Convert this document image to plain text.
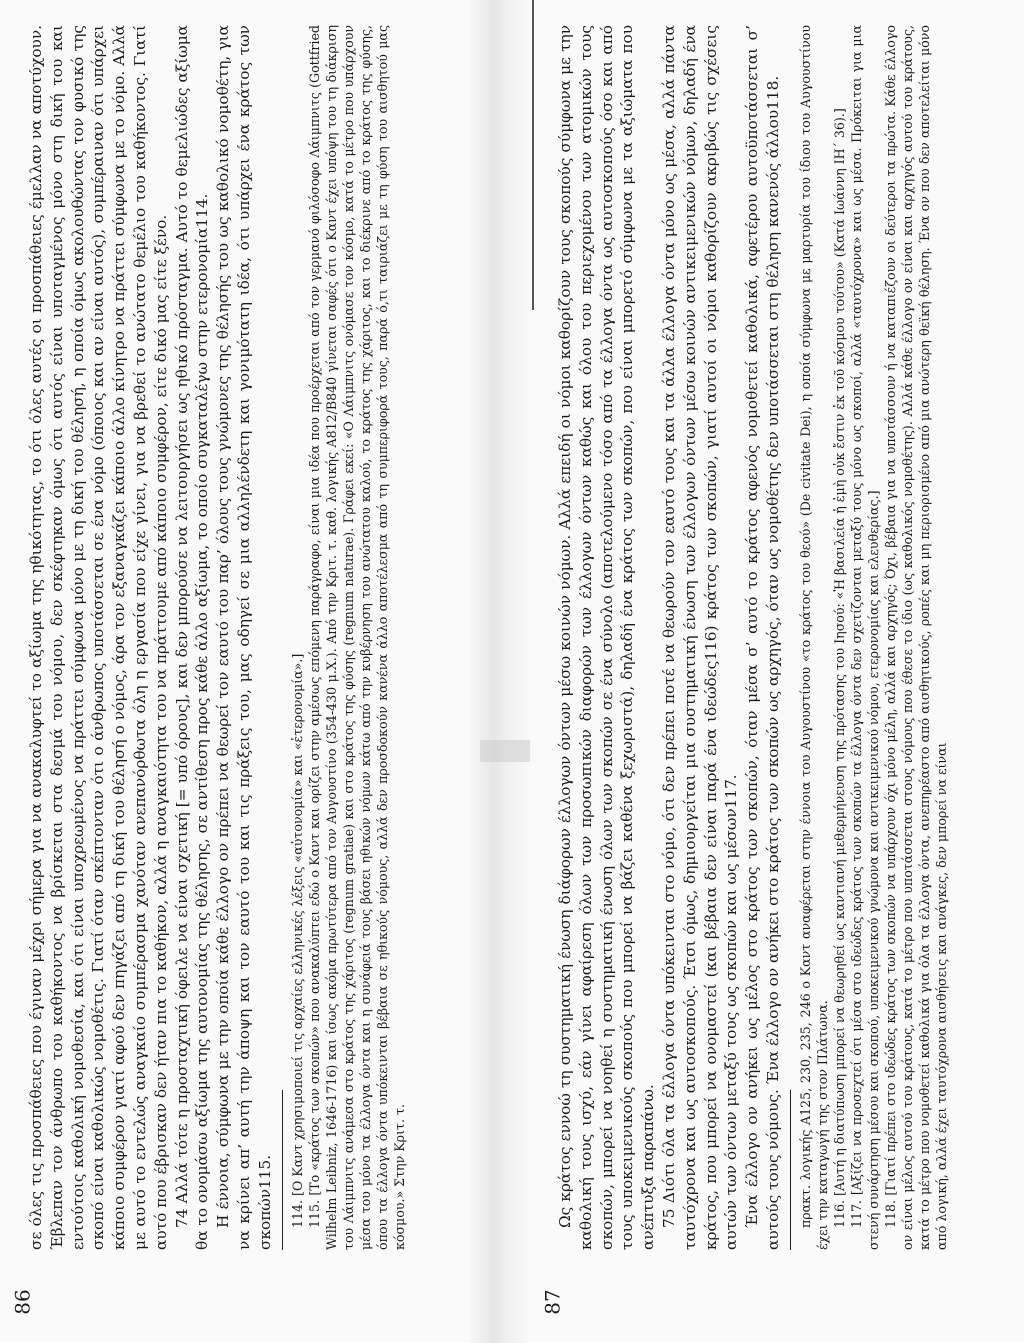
86

σε όλες τις προσπάθειες που έγιναν μέχρι σήμερα για να ανακαλυφτεί το αξίωμα της ηθικότητας, το ότι όλες αυτές οι προσπάθειες έμελλαν να αποτύχουν. Έβλεπαν τον άνθρωπο του καθήκοντος να βρίσκεται στα δεσμά του νόμου, δεν σκέφτηκαν όμως ότι αυτός είναι υποταγμένος μόνο στη δική του και εντούτοις καθολική νομοθεσία, και ότι είναι υποχρεωμένος να πράττει σύμφωνα μόνο με τη δική του θέλησή, η οποία όμως ακολουθώντας τον φυσικό της σκοπό είναι καθολικώς νομοθέτις. Γιατί όταν σκέπτονταν ότι ο άνθρωπος υποτάσσεται σε ένα νόμο (όποιος και αν είναι αυτός), συμπέραιναν ότι υπάρχει κάποιο συμφέρον γιατί αφού δεν πηγάζει από τη δική του θέλησή ο νόμος, άρα τον εξαναγκάζει κάποιο άλλο κίνητρο να πράττει σύμφωνα με το νόμο. Αλλά με αυτό το εντελώς αναγκαίο συμπέρασμα χανόταν ανεπανόρθωτα όλη η εργασία που είχε γίνει, για να βρεθεί το ανώτατο θεμέλιο του καθήκοντος. Γιατί αυτό που έβρισκαν δεν ήταν πια το καθήκον, αλλά η αναγκαιότητα του να πράττουμε από κάποιο συμφέρον, είτε δικό μας είτε ξένο. 74 Αλλά τότε η προσταχτική όφειλε να είναι σχετική [= υπό όρους], και δεν μπορούσε να λειτουργήσει ως ηθικό πρόσταγμα. Αυτό το θεμελιώδες αξίωμα θα το ονομάσω αξίωμα της αυτονομίας της θέλησης, σε αντίθεση προς κάθε άλλο αξίωμα, το οποίο συγκαταλέγω στην ετερονομία114. Η έννοια, σύμφωνα με την οποία κάθε έλλογο ον πρέπει να θεωρεί τον εαυτό του παρ’ όλους τους γνώμονες της θέλησής του ως καθολικό νομοθέτη, για να κρίνει απ’ αυτή την άποψη και τον εαυτό του και τις πράξεις του, μας οδηγεί σε μια αλληλένδετη και γονιμότατη ιδέα, ότι υπάρχει ένα κράτος των σκοπών115. 114. [Ο Καντ χρησιμοποιεί τις αρχαίες ελληνικές λέξεις «αὐτονομία» και «ἑτερονομία».] 115. [Το «κράτος των σκοπών» που ανακαλύπτει εδώ ο Καντ και ορίζει στην αμέσως επόμενη παράγραφο, είναι μια ιδέα που προέρχεται από τον γερμανό φιλόσοφο Λάιμπνιτς (Gottfried Wilhelm Leibniz, 1646-1716) και ίσως ακόμα πρωτύτερα από τον Αυγουστίνο (354-430 μ.Χ.). Από την Κριτ. τ. καθ. λογικής A812/B840 γίνεται σαφές ότι ο Καντ έχει υπόψη του τη διάκριση του Λάιμπνιτς ανάμεσα στο κράτος της χάριτος (regnum gratiae) και στο κράτος της φύσης (regnum naturae). Γράφει εκεί: «Ο Λάιμπνιτς ονόμασε τον κόσμο, κατά το μέτρο που υπάρχουν μέσα του μόνο τα έλλογα όντα και η συνάφειά τους βάσει ηθικών νόμων κάτω από την κυβέρνηση του ανώτατου καλού, το κράτος της χάριτος, και το διέκρινε από το κράτος της φύσης, όπου τα έλλογα όντα υπόκεινται βέβαια σε ηθικούς νόμους, αλλά δεν προσδοκούν κανένα άλλο αποτέλεσμα από τη συμπεριφορά τους, παρά ό,τι ταιριάζει με τη φύση του αισθητού μας κόσμου.» Στην Κριτ. τ.

87

Ως κράτος εννοώ τη συστηματική ένωση διάφορων έλλογων όντων μέσω κοινών νόμων. Αλλά επειδή οι νόμοι καθορίζουν τους σκοπούς σύμφωνα με την καθολική τους ισχύ, εάν γίνει αφαίρεση όλων των προσωπικών διαφορών των έλλογων όντων καθώς και όλου του περιεχομένου των ατομικών τους σκοπών, μπορεί να νοηθεί η συστηματική ένωση όλων των σκοπών σε ένα σύνολο (αποτελούμενο τόσο από τα έλλογα όντα ως αυτοσκοπούς όσο και από τους υποκειμενικούς σκοπούς που μπορεί να βάζει καθένα ξεχωριστά), δηλαδή ένα κράτος των σκοπών, που είναι μπορετό σύμφωνα με τα αξιώματα που ανέπτυξα παραπάνω. 75 Διότι όλα τα έλλογα όντα υπόκεινται στο νόμο, ότι δεν πρέπει ποτέ να θεωρούν τον εαυτό τους και τα άλλα έλλογα όντα μόνο ως μέσα, αλλά πάντα ταυτόχρονα και ως αυτοσκοπούς. Έτσι όμως, δημιουργείται μια συστηματική ένωση των έλλογων όντων μέσω κοινών αντικειμενικών νόμων, δηλαδή ένα κράτος, που μπορεί να ονομαστεί (και βέβαια δεν είναι παρά ένα ιδεώδες116) κράτος των σκοπών, γιατί αυτοί οι νόμοι καθορίζουν ακριβώς τις σχέσεις αυτών των όντων μεταξύ τους ως σκοπών και ως μέσων117. Ένα έλλογο ον ανήκει ως μέλος στο κράτος των σκοπών, όταν μέσα σ’ αυτό το κράτος αφενός νομοθετεί καθολικά, αφετέρου αυτοϋποτάσσεται σ’ αυτούς τους νόμους. Ένα έλλογο ον ανήκει στο κράτος των σκοπών ως αρχηγός, όταν ως νομοθέτης δεν υποτάσσεται στη θέληση κανενός άλλου118. πρακτ. λογικής A125, 230, 235, 246 ο Καντ αναφέρεται στην έννοια του Αυγουστίνου «το κράτος του θεού» (De civitate Dei), η οποία σύμφωνα με μαρτυρία του ίδιου του Αυγουστίνου έχει την καταγωγή της στον Πλάτωνα. 116. [Αυτή η διατύπωση μπορεί να θεωρηθεί ως καντιανή μεθερμήνευση της πρότασης του Ιησού: «Ἡ βασιλεία ἡ ἐμὴ οὐκ ἔστιν ἐκ τοῦ κόσμου τούτου» (Κατά Ιωάννη ΙΗ΄ 36).] 117. [Αξίζει να προσεχτεί ότι μέσα στο ιδεώδες κράτος των σκοπών τα έλλογα όντα δεν σχετίζονται μεταξύ τους μόνο ως σκοποί, αλλά «ταυτόχρονα» και ως μέσα. Πρόκειται για μια στενή συνάρτηση μέσου και σκοπού, υποκειμενικού γνώμονα και αντικειμενικού νόμου, ετερονομίας και ελευθερίας.] 118. [Γιατί πρέπει στο ιδεώδες κράτος των σκοπών να υπάρχουν όχι μόνο μέλη, αλλά και αρχηγός; Όχι, βέβαια για να υποτάσσουν ή να καταπιέζουν οι δεύτεροι τα πρώτα. Κάθε έλλογο ον είναι μέλος αυτού του κράτους, κατά το μέτρο που υποτάσσεται στους νόμους που έθεσε το ίδιο (ως καθολικός νομοθέτης). Αλλά κάθε έλλογο ον είναι και αρχηγός αυτού του κράτους, κατά το μέτρο που νομοθετεί καθολικά για όλα τα έλλογα όντα, ανεπηρέαστο από αισθητικούς, ροπές και μη περιορισμένο από μια ανώτερη θεϊκή θέληση. Ένα ον που δεν αποτελείται μόνο από λογική, αλλά έχει ταυτόχρονα αισθήσεις και ανάγκες, δεν μπορεί να είναι
